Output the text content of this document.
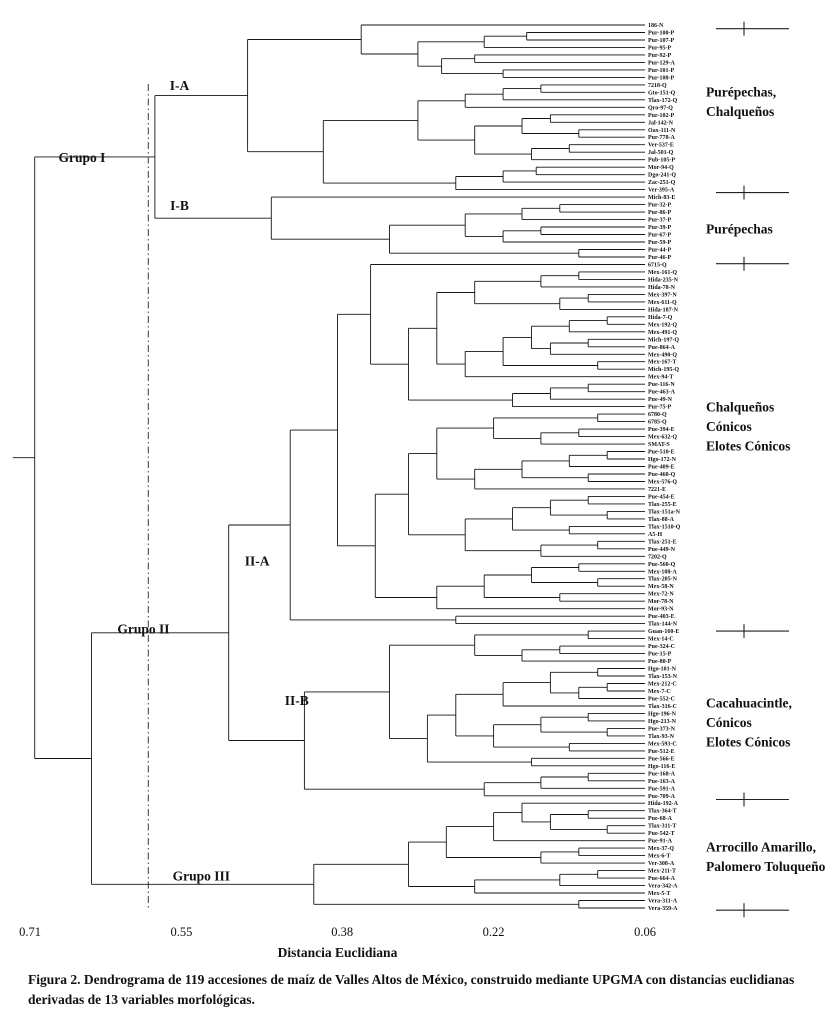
186-N
Pur-100-P
Pur-107-P
Pur-95-P
Pur-92-P
Pur-129-A
Pur-101-P
Pur-108-P
7218-Q
Gto-151-Q
Tlax-172-Q
Qro-97-Q
Pur-102-P
Jal-142-N
Oax-111-N
Pur-778-A
Ver-537-E
Jal-501-Q
Pub-105-P
Mor-94-Q
Dgo-241-Q
Zac-251-Q
Ver-395-A
Mich-83-E
Pur-32-P
Pur-86-P
Pur-37-P
Pur-39-P
Pur-67-P
Pur-59-P
Pur-44-P
Pur-46-P
6715-Q
Mex-161-Q
Hida-235-N
Hida-78-N
Mex-397-N
Mex-611-Q
Hida-187-N
Hida-7-Q
Mex-192-Q
Mex-491-Q
Mich-197-Q
Pue-864-A
Mex-490-Q
Mex-167-T
Mich-195-Q
Mex-94-T
Pue-116-N
Pue-463-A
Pue-49-N
Pur-75-P
6780-Q
6785-Q
Pue-394-E
Mex-632-Q
SMAT-S
Pue-510-E
Hgo-172-N
Pue-409-E
Pue-460-Q
Mex-576-Q
7221-E
Pue-454-E
Tlax-255-E
Tlax-151a-N
Tlax-88-A
Tlax-1510-Q
A5-H
Tlax-251-E
Pue-449-N
7202-Q
Pue-560-Q
Mex-108-A
Tlax-205-N
Mex-58-N
Mex-72-N
Mor-78-N
Mor-93-N
Pue-403-E
Tlax-144-N
Guan-160-E
Mex-14-C
Pue-324-C
Pue-15-P
Pue-80-P
Hgo-101-N
Tlax-153-N
Mex-212-C
Mex-7-C
Pue-552-C
Tlax-316-C
Hgo-196-N
Hgo-213-N
Pue-373-N
Tlax-93-N
Mex-593-C
Pue-512-E
Pue-566-E
Hgo-116-E
Pue-168-A
Pue-163-A
Pue-591-A
Pue-709-A
Hida-192-A
Tlax-364-T
Pue-68-A
Tlax-311-T
Pue-542-T
Pue-91-A
Mex-37-Q
Mex-6-T
Ver-308-A
Mex-211-T
Pue-664-A
Vera-342-A
Mex-5-T
Vera-311-A
Vera-359-A
Grupo I
I-A
I-B
Grupo II
II-A
II-B
Grupo III
Purépechas,
Chalqueños
Purépechas
Chalqueños
Cónicos
Elotes Cónicos
Cacahuacintle,
Cónicos
Elotes Cónicos
Arrocillo Amarillo,
Palomero Toluqueño
0.71	0.55	0.38	0.22	0.06
Distancia Euclidiana
Figura 2. Dendrograma de 119 accesiones de maíz de Valles Altos de México, construido mediante UPGMA con distancias euclidianas derivadas de 13 variables morfológicas.
